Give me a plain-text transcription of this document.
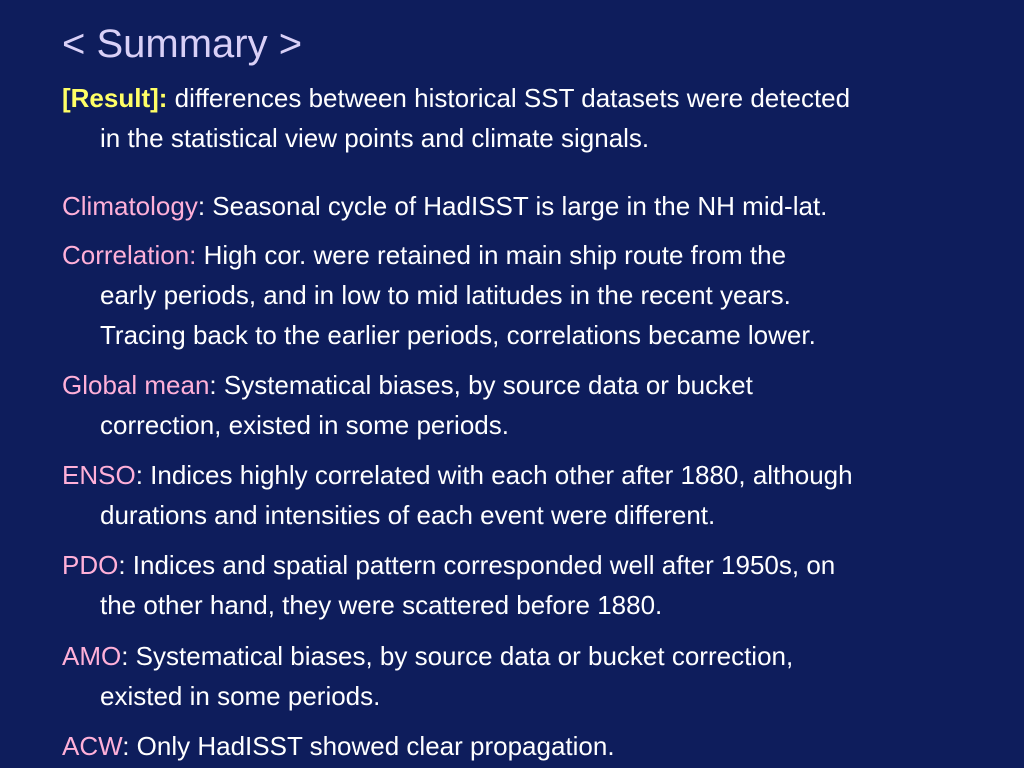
< Summary >
[Result]: differences between historical SST datasets were detected
in the statistical view points and climate signals.
Climatology: Seasonal cycle of HadISST is large in the NH mid-lat.
Correlation: High cor. were retained in main ship route from the
early periods, and in low to mid latitudes in the recent years.
Tracing back to the earlier periods, correlations became lower.
Global mean: Systematical biases, by source data or bucket
correction, existed in some periods.
ENSO: Indices highly correlated with each other after 1880, although
durations and intensities of each event were different.
PDO: Indices and spatial pattern corresponded well after 1950s, on
the other hand, they were scattered before 1880.
AMO: Systematical biases, by source data or bucket correction,
existed in some periods.
ACW: Only HadISST showed clear propagation.
